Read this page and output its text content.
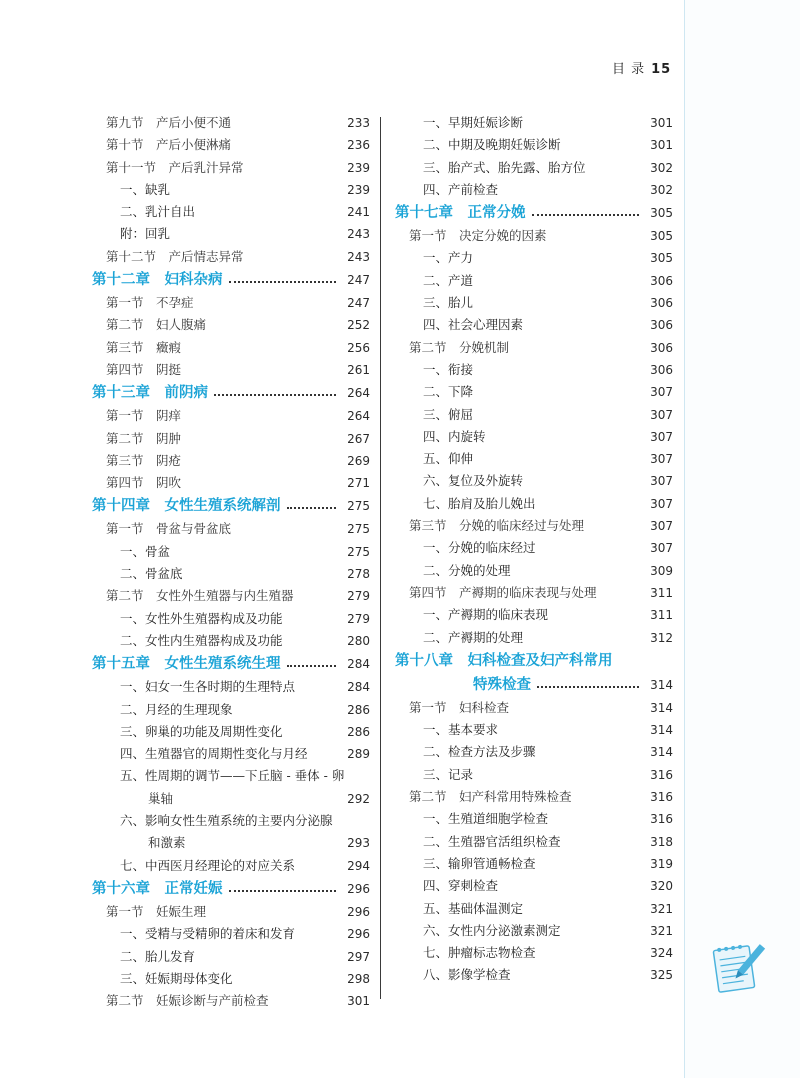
目 录 15
第九节　产后小便不通	233
第十节　产后小便淋痛	236
第十一节　产后乳汁异常	239
一、缺乳	239
二、乳汁自出	241
附：回乳	243
第十二节　产后情志异常	243
第十二章　妇科杂病	247
第一节　不孕症	247
第二节　妇人腹痛	252
第三节　癥瘕	256
第四节　阴挺	261
第十三章　前阴病	264
第一节　阴痒	264
第二节　阴肿	267
第三节　阴疮	269
第四节　阴吹	271
第十四章　女性生殖系统解剖	275
第一节　骨盆与骨盆底	275
一、骨盆	275
二、骨盆底	278
第二节　女性外生殖器与内生殖器	279
一、女性外生殖器构成及功能	279
二、女性内生殖器构成及功能	280
第十五章　女性生殖系统生理	284
一、妇女一生各时期的生理特点	284
二、月经的生理现象	286
三、卵巢的功能及周期性变化	286
四、生殖器官的周期性变化与月经	289
五、性周期的调节——下丘脑 - 垂体 - 卵
巢轴	292
六、影响女性生殖系统的主要内分泌腺
和激素	293
七、中西医月经理论的对应关系	294
第十六章　正常妊娠	296
第一节　妊娠生理	296
一、受精与受精卵的着床和发育	296
二、胎儿发育	297
三、妊娠期母体变化	298
第二节　妊娠诊断与产前检查	301
一、早期妊娠诊断	301
二、中期及晚期妊娠诊断	301
三、胎产式、胎先露、胎方位	302
四、产前检查	302
第十七章　正常分娩	305
第一节　决定分娩的因素	305
一、产力	305
二、产道	306
三、胎儿	306
四、社会心理因素	306
第二节　分娩机制	306
一、衔接	306
二、下降	307
三、俯屈	307
四、内旋转	307
五、仰伸	307
六、复位及外旋转	307
七、胎肩及胎儿娩出	307
第三节　分娩的临床经过与处理	307
一、分娩的临床经过	307
二、分娩的处理	309
第四节　产褥期的临床表现与处理	311
一、产褥期的临床表现	311
二、产褥期的处理	312
第十八章　妇科检查及妇产科常用
特殊检查	314
第一节　妇科检查	314
一、基本要求	314
二、检查方法及步骤	314
三、记录	316
第二节　妇产科常用特殊检查	316
一、生殖道细胞学检查	316
二、生殖器官活组织检查	318
三、输卵管通畅检查	319
四、穿刺检查	320
五、基础体温测定	321
六、女性内分泌激素测定	321
七、肿瘤标志物检查	324
八、影像学检查	325
